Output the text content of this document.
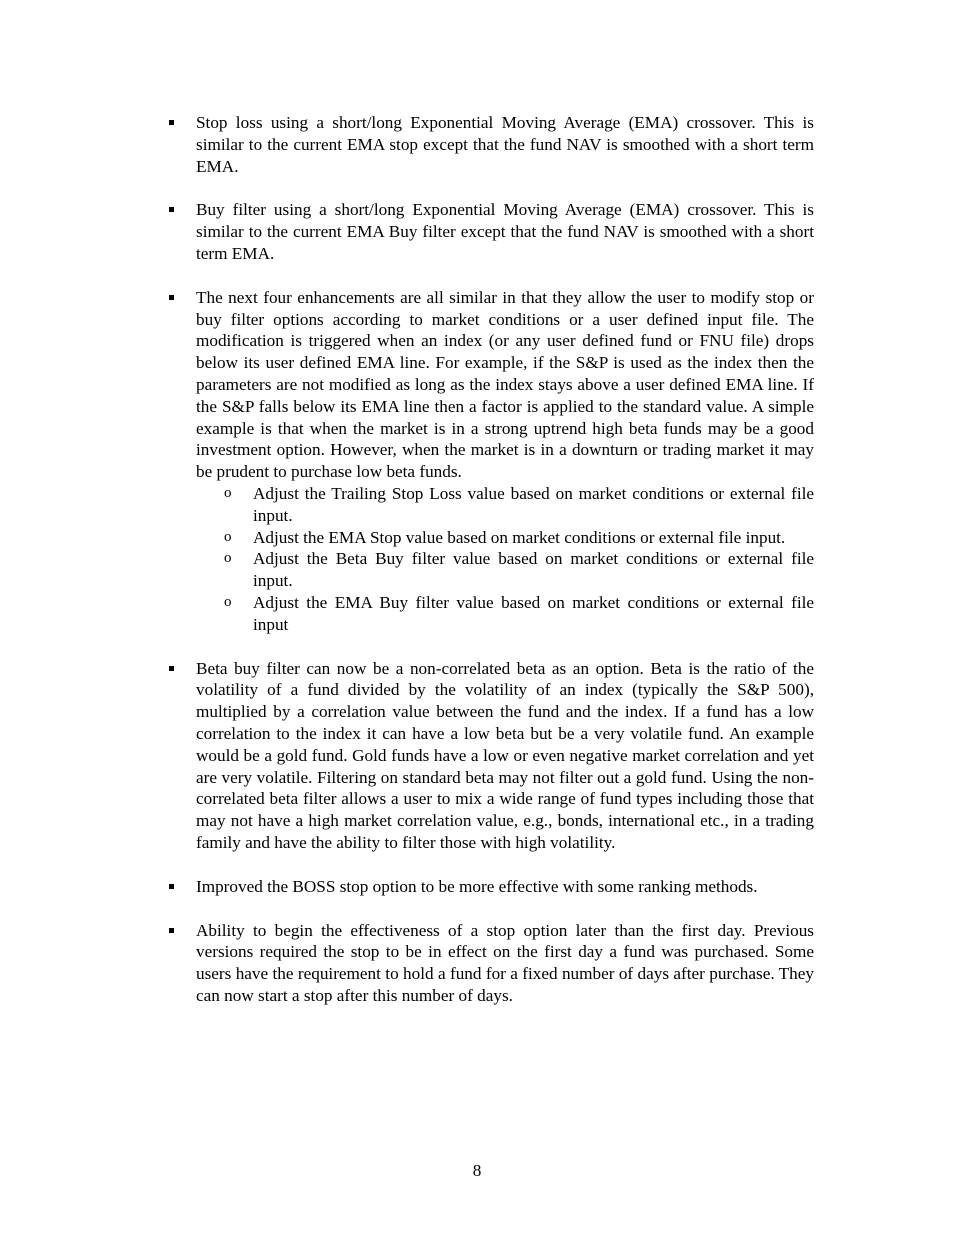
Stop loss using a short/long Exponential Moving Average (EMA) crossover. This is similar to the current EMA stop except that the fund NAV is smoothed with a short term EMA.
Buy filter using a short/long Exponential Moving Average (EMA) crossover. This is similar to the current EMA Buy filter except that the fund NAV is smoothed with a short term EMA.
The next four enhancements are all similar in that they allow the user to modify stop or buy filter options according to market conditions or a user defined input file. The modification is triggered when an index (or any user defined fund or FNU file) drops below its user defined EMA line. For example, if the S&P is used as the index then the parameters are not modified as long as the index stays above a user defined EMA line. If the S&P falls below its EMA line then a factor is applied to the standard value. A simple example is that when the market is in a strong uptrend high beta funds may be a good investment option. However, when the market is in a downturn or trading market it may be prudent to purchase low beta funds.
o Adjust the Trailing Stop Loss value based on market conditions or external file input.
o Adjust the EMA Stop value based on market conditions or external file input.
o Adjust the Beta Buy filter value based on market conditions or external file input.
o Adjust the EMA Buy filter value based on market conditions or external file input
Beta buy filter can now be a non-correlated beta as an option. Beta is the ratio of the volatility of a fund divided by the volatility of an index (typically the S&P 500), multiplied by a correlation value between the fund and the index. If a fund has a low correlation to the index it can have a low beta but be a very volatile fund. An example would be a gold fund. Gold funds have a low or even negative market correlation and yet are very volatile. Filtering on standard beta may not filter out a gold fund. Using the non-correlated beta filter allows a user to mix a wide range of fund types including those that may not have a high market correlation value, e.g., bonds, international etc., in a trading family and have the ability to filter those with high volatility.
Improved the BOSS stop option to be more effective with some ranking methods.
Ability to begin the effectiveness of a stop option later than the first day. Previous versions required the stop to be in effect on the first day a fund was purchased. Some users have the requirement to hold a fund for a fixed number of days after purchase. They can now start a stop after this number of days.
8
